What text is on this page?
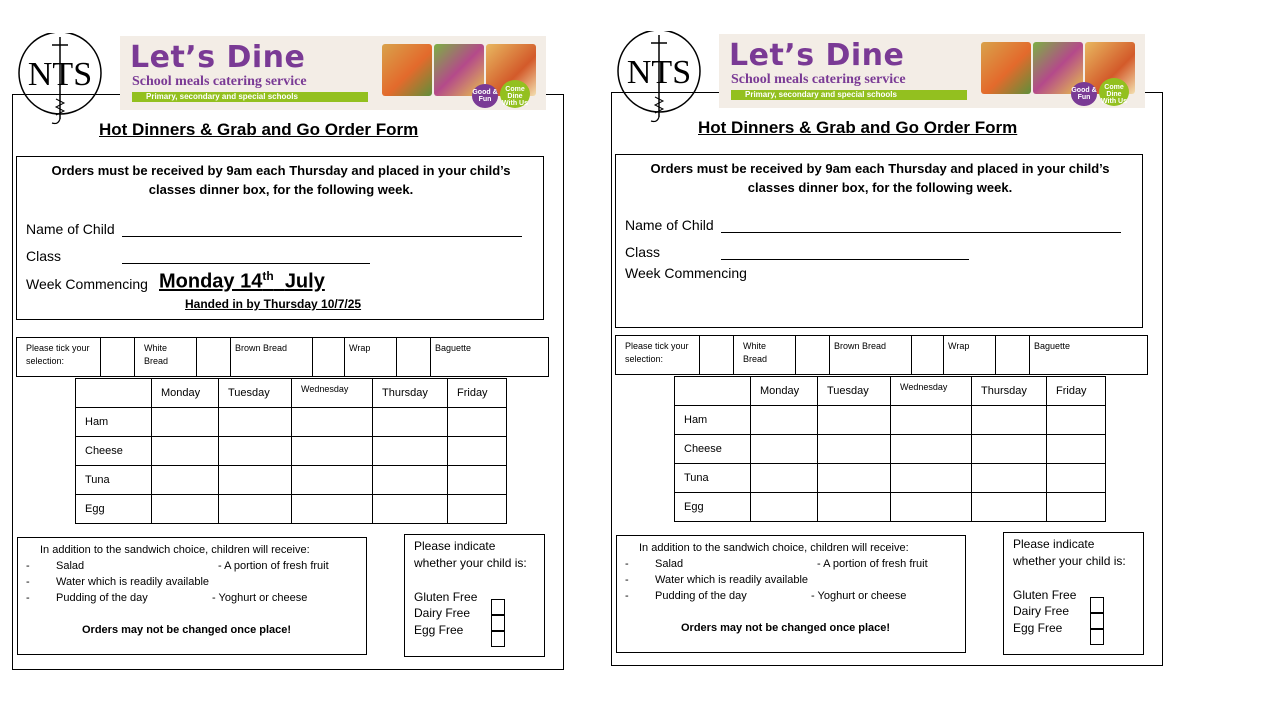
NTS Let’s Dine
School meals catering service
Primary, secondary and special schools	Good & Fun
Come Dine With Us
Hot Dinners & Grab and Go Order Form
Orders must be received by 9am each Thursday and placed in your child’s classes dinner box, for the following week.
Name of Child
Class
Week Commencing Monday 14th July
Handed in by Thursday 10/7/25
Please tick your selection:		White Bread		Brown Bread		Wrap		Baguette
	Monday	Tuesday	Wednesday	Thursday	Friday
Ham					
Cheese					
Tuna					
Egg					
In addition to the sandwich choice, children will receive:
- Salad	- A portion of fresh fruit
- Water which is readily available
- Pudding of the day	- Yoghurt or cheese
Orders may not be changed once place!
Please indicate whether your child is:
Gluten Free
Dairy Free
Egg Free
NTS Let’s Dine
School meals catering service
Primary, secondary and special schools	Good & Fun
Come Dine With Us
Hot Dinners & Grab and Go Order Form
Orders must be received by 9am each Thursday and placed in your child’s classes dinner box, for the following week.
Name of Child
Class
Week Commencing
Please tick your selection:		White Bread		Brown Bread		Wrap		Baguette
	Monday	Tuesday	Wednesday	Thursday	Friday
Ham					
Cheese					
Tuna					
Egg					
In addition to the sandwich choice, children will receive:
- Salad	- A portion of fresh fruit
- Water which is readily available
- Pudding of the day	- Yoghurt or cheese
Orders may not be changed once place!
Please indicate whether your child is:
Gluten Free
Dairy Free
Egg Free
